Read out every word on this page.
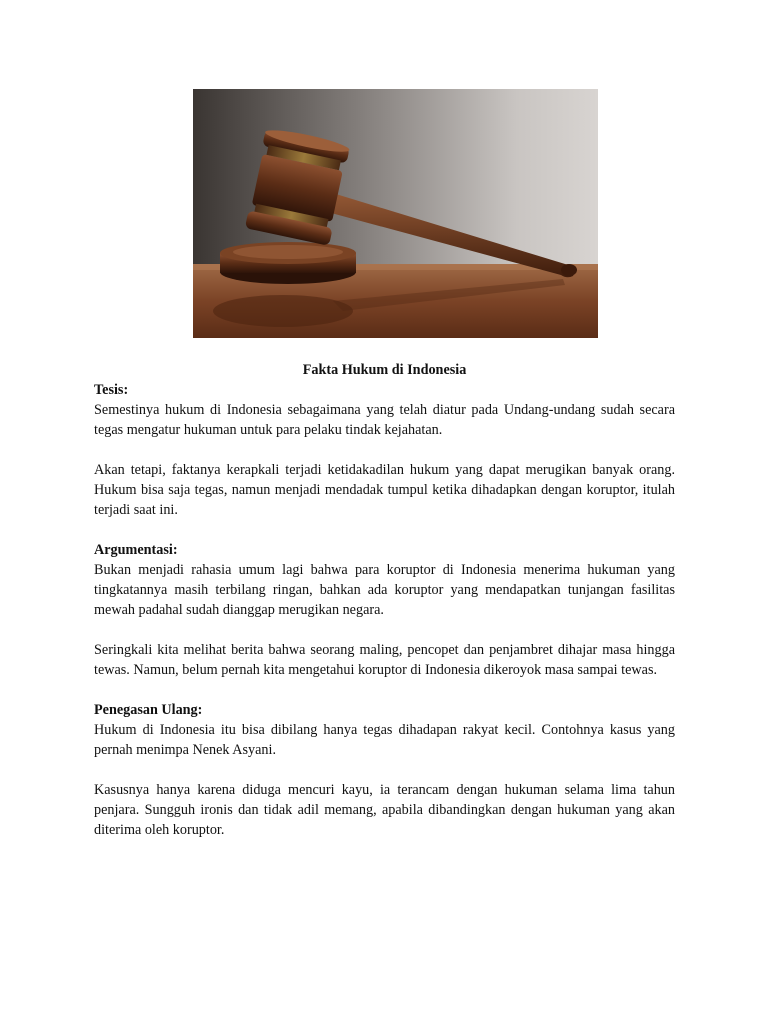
Fakta Hukum di Indonesia

Tesis:

Semestinya hukum di Indonesia sebagaimana yang telah diatur pada Undang-undang sudah secara tegas mengatur hukuman untuk para pelaku tindak kejahatan.

Akan tetapi, faktanya kerapkali terjadi ketidakadilan hukum yang dapat merugikan banyak orang. Hukum bisa saja tegas, namun menjadi mendadak tumpul ketika dihadapkan dengan koruptor, itulah terjadi saat ini.

Argumentasi:

Bukan menjadi rahasia umum lagi bahwa para koruptor di Indonesia menerima hukuman yang tingkatannya masih terbilang ringan, bahkan ada koruptor yang mendapatkan tunjangan fasilitas mewah padahal sudah dianggap merugikan negara.

Seringkali kita melihat berita bahwa seorang maling, pencopet dan penjambret dihajar masa hingga tewas. Namun, belum pernah kita mengetahui koruptor di Indonesia dikeroyok masa sampai tewas.

Penegasan Ulang:

Hukum di Indonesia itu bisa dibilang hanya tegas dihadapan rakyat kecil. Contohnya kasus yang pernah menimpa Nenek Asyani.

Kasusnya hanya karena diduga mencuri kayu, ia terancam dengan hukuman selama lima tahun penjara. Sungguh ironis dan tidak adil memang, apabila dibandingkan dengan hukuman yang akan diterima oleh koruptor.
